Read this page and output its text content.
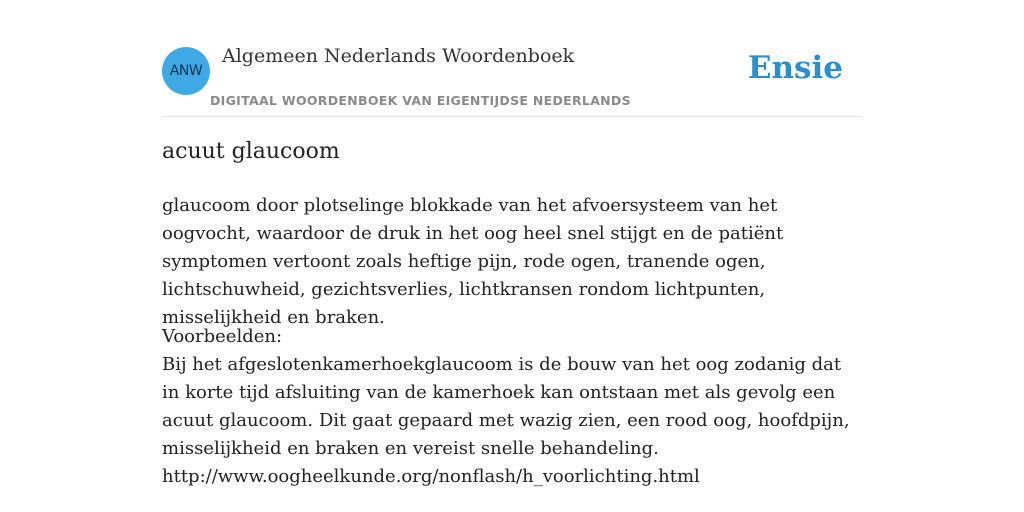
ANW
Algemeen Nederlands Woordenboek
DIGITAAL WOORDENBOEK VAN EIGENTIJDSE NEDERLANDS
Ensie
acuut glaucoom
glaucoom door plotselinge blokkade van het afvoersysteem van het oogvocht, waardoor de druk in het oog heel snel stijgt en de patiënt symptomen vertoont zoals heftige pijn, rode ogen, tranende ogen, lichtschuwheid, gezichtsverlies, lichtkransen rondom lichtpunten, misselijkheid en braken.
Voorbeelden:
Bij het afgeslotenkamerhoekglaucoom is de bouw van het oog zodanig dat in korte tijd afsluiting van de kamerhoek kan ontstaan met als gevolg een acuut glaucoom. Dit gaat gepaard met wazig zien, een rood oog, hoofdpijn, misselijkheid en braken en vereist snelle behandeling.
http://www.oogheelkunde.org/nonflash/h_voorlichting.html
